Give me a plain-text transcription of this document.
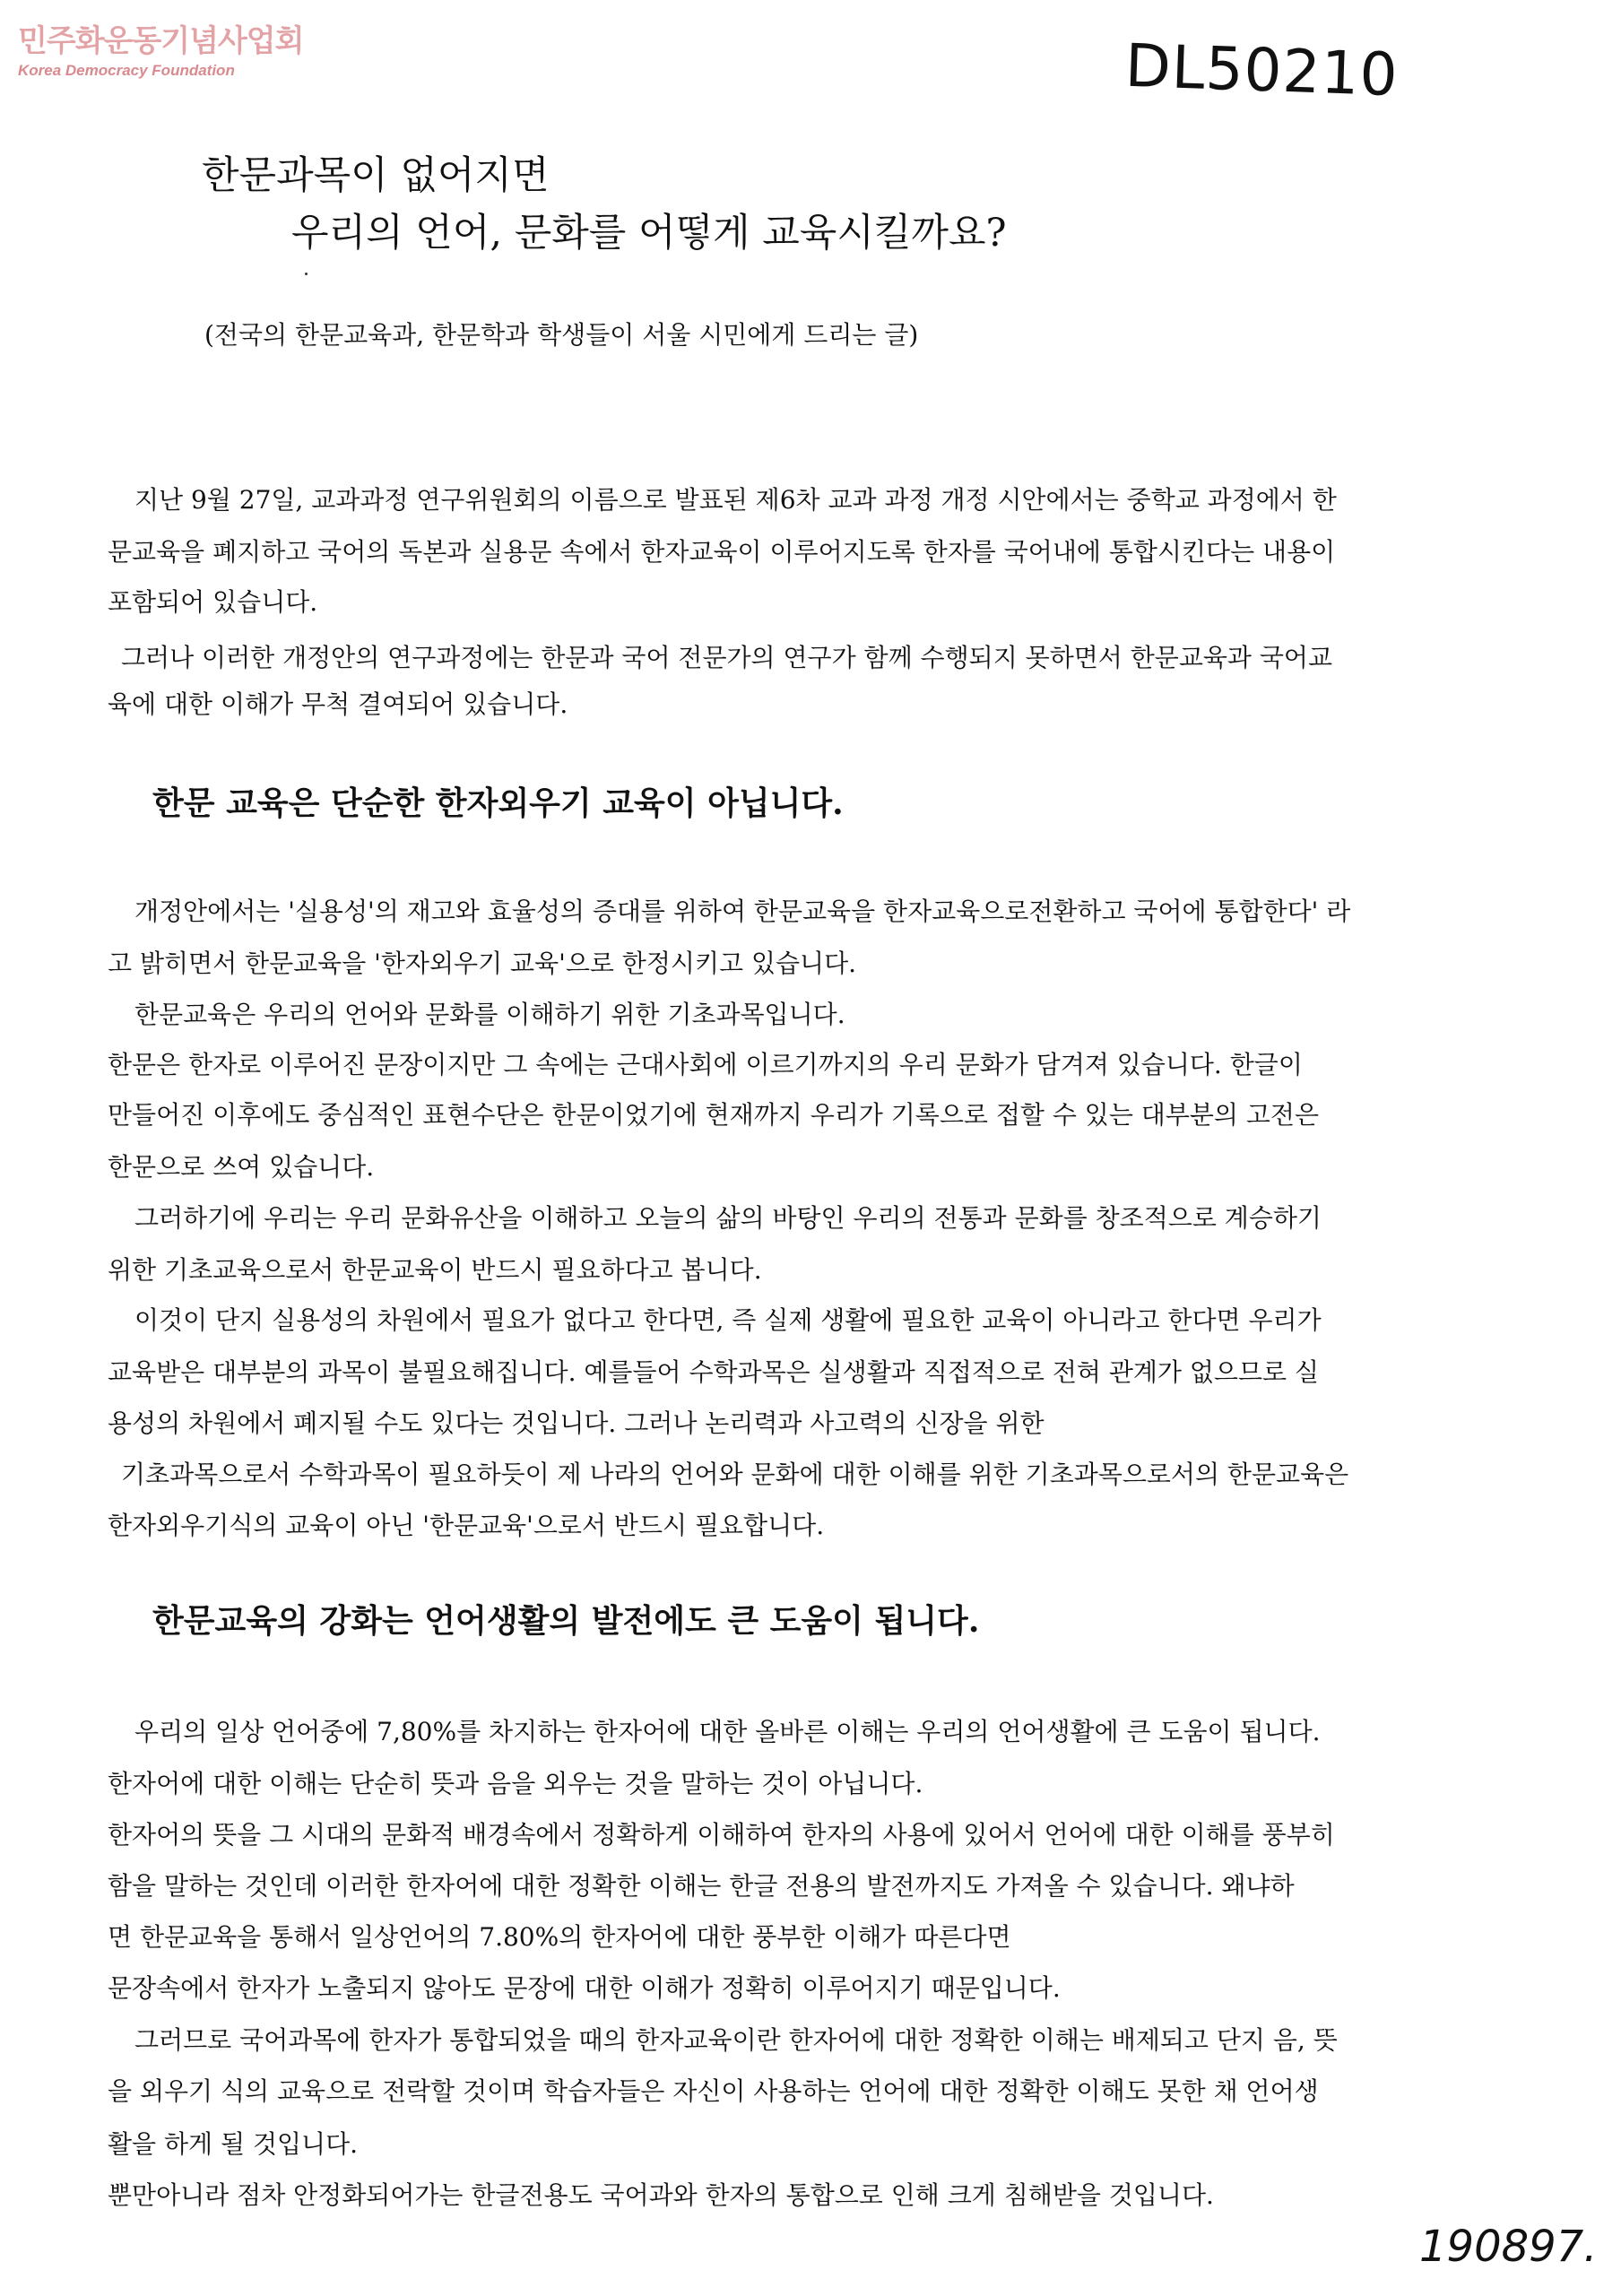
민주화운동기념사업회
Korea Democracy Foundation	DL50210
한문과목이 없어지면
우리의 언어, 문화를 어떻게 교육시킬까요?
(전국의 한문교육과, 한문학과 학생들이 서울 시민에게 드리는 글)
지난 9월 27일, 교과과정 연구위원회의 이름으로 발표된 제6차 교과 과정 개정 시안에서는 중학교 과정에서 한
문교육을 폐지하고 국어의 독본과 실용문 속에서 한자교육이 이루어지도록 한자를 국어내에 통합시킨다는 내용이
포함되어 있습니다.
그러나 이러한 개정안의 연구과정에는 한문과 국어 전문가의 연구가 함께 수행되지 못하면서 한문교육과 국어교
육에 대한 이해가 무척 결여되어 있습니다.
한문 교육은 단순한 한자외우기 교육이 아닙니다.
개정안에서는 '실용성'의 재고와 효율성의 증대를 위하여 한문교육을 한자교육으로전환하고 국어에 통합한다' 라
고 밝히면서 한문교육을 '한자외우기 교육'으로 한정시키고 있습니다.
한문교육은 우리의 언어와 문화를 이해하기 위한 기초과목입니다.
한문은 한자로 이루어진 문장이지만 그 속에는 근대사회에 이르기까지의 우리 문화가 담겨져 있습니다. 한글이
만들어진 이후에도 중심적인 표현수단은 한문이었기에 현재까지 우리가 기록으로 접할 수 있는 대부분의 고전은
한문으로 쓰여 있습니다.
그러하기에 우리는 우리 문화유산을 이해하고 오늘의 삶의 바탕인 우리의 전통과 문화를 창조적으로 계승하기
위한 기초교육으로서 한문교육이 반드시 필요하다고 봅니다.
이것이 단지 실용성의 차원에서 필요가 없다고 한다면, 즉 실제 생활에 필요한 교육이 아니라고 한다면 우리가
교육받은 대부분의 과목이 불필요해집니다. 예를들어 수학과목은 실생활과 직접적으로 전혀 관계가 없으므로 실
용성의 차원에서 폐지될 수도 있다는 것입니다. 그러나 논리력과 사고력의 신장을 위한
기초과목으로서 수학과목이 필요하듯이 제 나라의 언어와 문화에 대한 이해를 위한 기초과목으로서의 한문교육은
한자외우기식의 교육이 아닌 '한문교육'으로서 반드시 필요합니다.
한문교육의 강화는 언어생활의 발전에도 큰 도움이 됩니다.
우리의 일상 언어중에 7,80%를 차지하는 한자어에 대한 올바른 이해는 우리의 언어생활에 큰 도움이 됩니다.
한자어에 대한 이해는 단순히 뜻과 음을 외우는 것을 말하는 것이 아닙니다.
한자어의 뜻을 그 시대의 문화적 배경속에서 정확하게 이해하여 한자의 사용에 있어서 언어에 대한 이해를 풍부히
함을 말하는 것인데 이러한 한자어에 대한 정확한 이해는 한글 전용의 발전까지도 가져올 수 있습니다. 왜냐하
면 한문교육을 통해서 일상언어의 7.80%의 한자어에 대한 풍부한 이해가 따른다면
문장속에서 한자가 노출되지 않아도 문장에 대한 이해가 정확히 이루어지기 때문입니다.
그러므로 국어과목에 한자가 통합되었을 때의 한자교육이란 한자어에 대한 정확한 이해는 배제되고 단지 음, 뜻
을 외우기 식의 교육으로 전락할 것이며 학습자들은 자신이 사용하는 언어에 대한 정확한 이해도 못한 채 언어생
활을 하게 될 것입니다.
뿐만아니라 점차 안정화되어가는 한글전용도 국어과와 한자의 통합으로 인해 크게 침해받을 것입니다.
190897.
